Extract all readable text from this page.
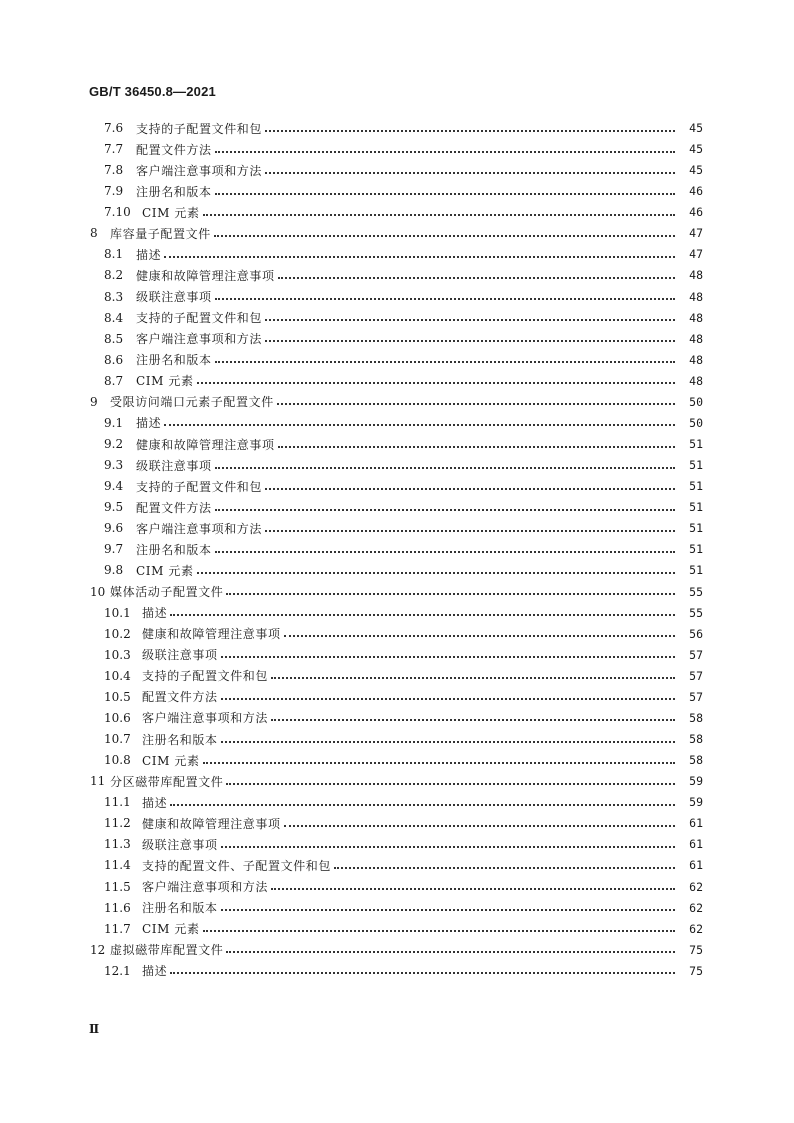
GB/T 36450.8—2021
7.6	支持的子配置文件和包	45
7.7	配置文件方法	45
7.8	客户端注意事项和方法	45
7.9	注册名和版本	46
7.10 CIM 元素	46
8	库容量子配置文件	47
8.1	描述	47
8.2	健康和故障管理注意事项	48
8.3	级联注意事项	48
8.4	支持的子配置文件和包	48
8.5	客户端注意事项和方法	48
8.6	注册名和版本	48
8.7	CIM 元素	48
9	受限访问端口元素子配置文件	50
9.1	描述	50
9.2	健康和故障管理注意事项	51
9.3	级联注意事项	51
9.4	支持的子配置文件和包	51
9.5	配置文件方法	51
9.6	客户端注意事项和方法	51
9.7	注册名和版本	51
9.8	CIM 元素	51
10 媒体活动子配置文件	55
10.1 描述	55
10.2 健康和故障管理注意事项	56
10.3 级联注意事项	57
10.4 支持的子配置文件和包	57
10.5 配置文件方法	57
10.6 客户端注意事项和方法	58
10.7 注册名和版本	58
10.8 CIM 元素	58
11 分区磁带库配置文件	59
11.1 描述	59
11.2 健康和故障管理注意事项	61
11.3 级联注意事项	61
11.4 支持的配置文件、子配置文件和包	61
11.5 客户端注意事项和方法	62
11.6 注册名和版本	62
11.7 CIM 元素	62
12 虚拟磁带库配置文件	75
12.1 描述	75
Ⅱ
